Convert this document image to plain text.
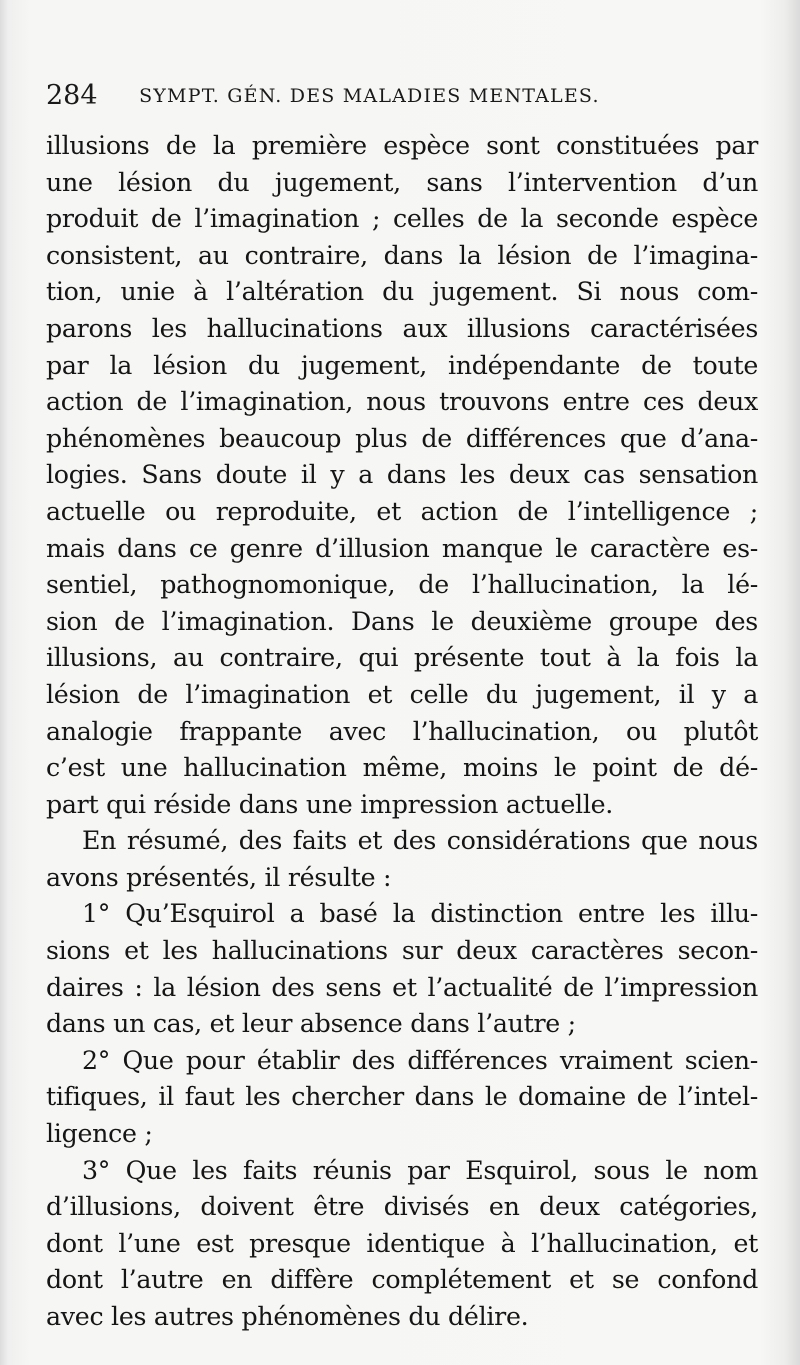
284 SYMPT. GÉN. DES MALADIES MENTALES.
illusions de la première espèce sont constituées par
une lésion du jugement, sans l’intervention d’un
produit de l’imagination ; celles de la seconde espèce
consistent, au contraire, dans la lésion de l’imagina-
tion, unie à l’altération du jugement. Si nous com-
parons les hallucinations aux illusions caractérisées
par la lésion du jugement, indépendante de toute
action de l’imagination, nous trouvons entre ces deux
phénomènes beaucoup plus de différences que d’ana-
logies. Sans doute il y a dans les deux cas sensation
actuelle ou reproduite, et action de l’intelligence ;
mais dans ce genre d’illusion manque le caractère es-
sentiel, pathognomonique, de l’hallucination, la lé-
sion de l’imagination. Dans le deuxième groupe des
illusions, au contraire, qui présente tout à la fois la
lésion de l’imagination et celle du jugement, il y a
analogie frappante avec l’hallucination, ou plutôt
c’est une hallucination même, moins le point de dé-
part qui réside dans une impression actuelle.
En résumé, des faits et des considérations que nous
avons présentés, il résulte :
1° Qu’Esquirol a basé la distinction entre les illu-
sions et les hallucinations sur deux caractères secon-
daires : la lésion des sens et l’actualité de l’impression
dans un cas, et leur absence dans l’autre ;
2° Que pour établir des différences vraiment scien-
tifiques, il faut les chercher dans le domaine de l’intel-
ligence ;
3° Que les faits réunis par Esquirol, sous le nom
d’illusions, doivent être divisés en deux catégories,
dont l’une est presque identique à l’hallucination, et
dont l’autre en diffère complétement et se confond
avec les autres phénomènes du délire.
